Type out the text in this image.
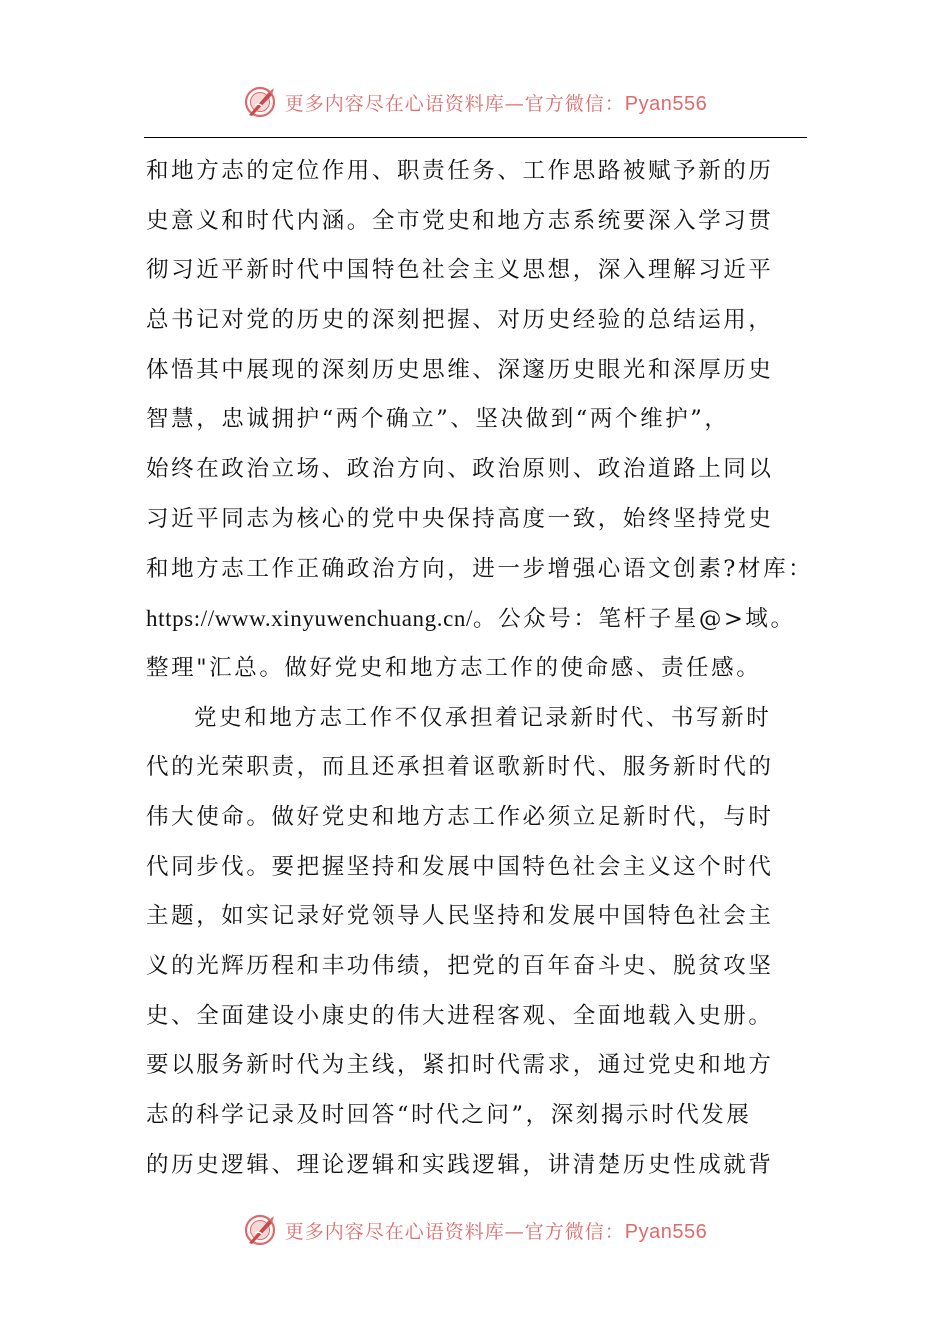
更多内容尽在心语资料库—官方微信：Pyan556
和地方志的定位作用、职责任务、工作思路被赋予新的历
史意义和时代内涵。全市党史和地方志系统要深入学习贯
彻习近平新时代中国特色社会主义思想，深入理解习近平
总书记对党的历史的深刻把握、对历史经验的总结运用，
体悟其中展现的深刻历史思维、深邃历史眼光和深厚历史
智慧，忠诚拥护“两个确立”、坚决做到“两个维护”，
始终在政治立场、政治方向、政治原则、政治道路上同以
习近平同志为核心的党中央保持高度一致，始终坚持党史
和地方志工作正确政治方向，进一步增强心语文创素?材库：
https://www.xinyuwenchuang.cn/。公众号：笔杆子星@>域。
整理"汇总。做好党史和地方志工作的使命感、责任感。
党史和地方志工作不仅承担着记录新时代、书写新时
代的光荣职责，而且还承担着讴歌新时代、服务新时代的
伟大使命。做好党史和地方志工作必须立足新时代，与时
代同步伐。要把握坚持和发展中国特色社会主义这个时代
主题，如实记录好党领导人民坚持和发展中国特色社会主
义的光辉历程和丰功伟绩，把党的百年奋斗史、脱贫攻坚
史、全面建设小康史的伟大进程客观、全面地载入史册。
要以服务新时代为主线，紧扣时代需求，通过党史和地方
志的科学记录及时回答“时代之问”，深刻揭示时代发展
的历史逻辑、理论逻辑和实践逻辑，讲清楚历史性成就背
更多内容尽在心语资料库—官方微信：Pyan556
